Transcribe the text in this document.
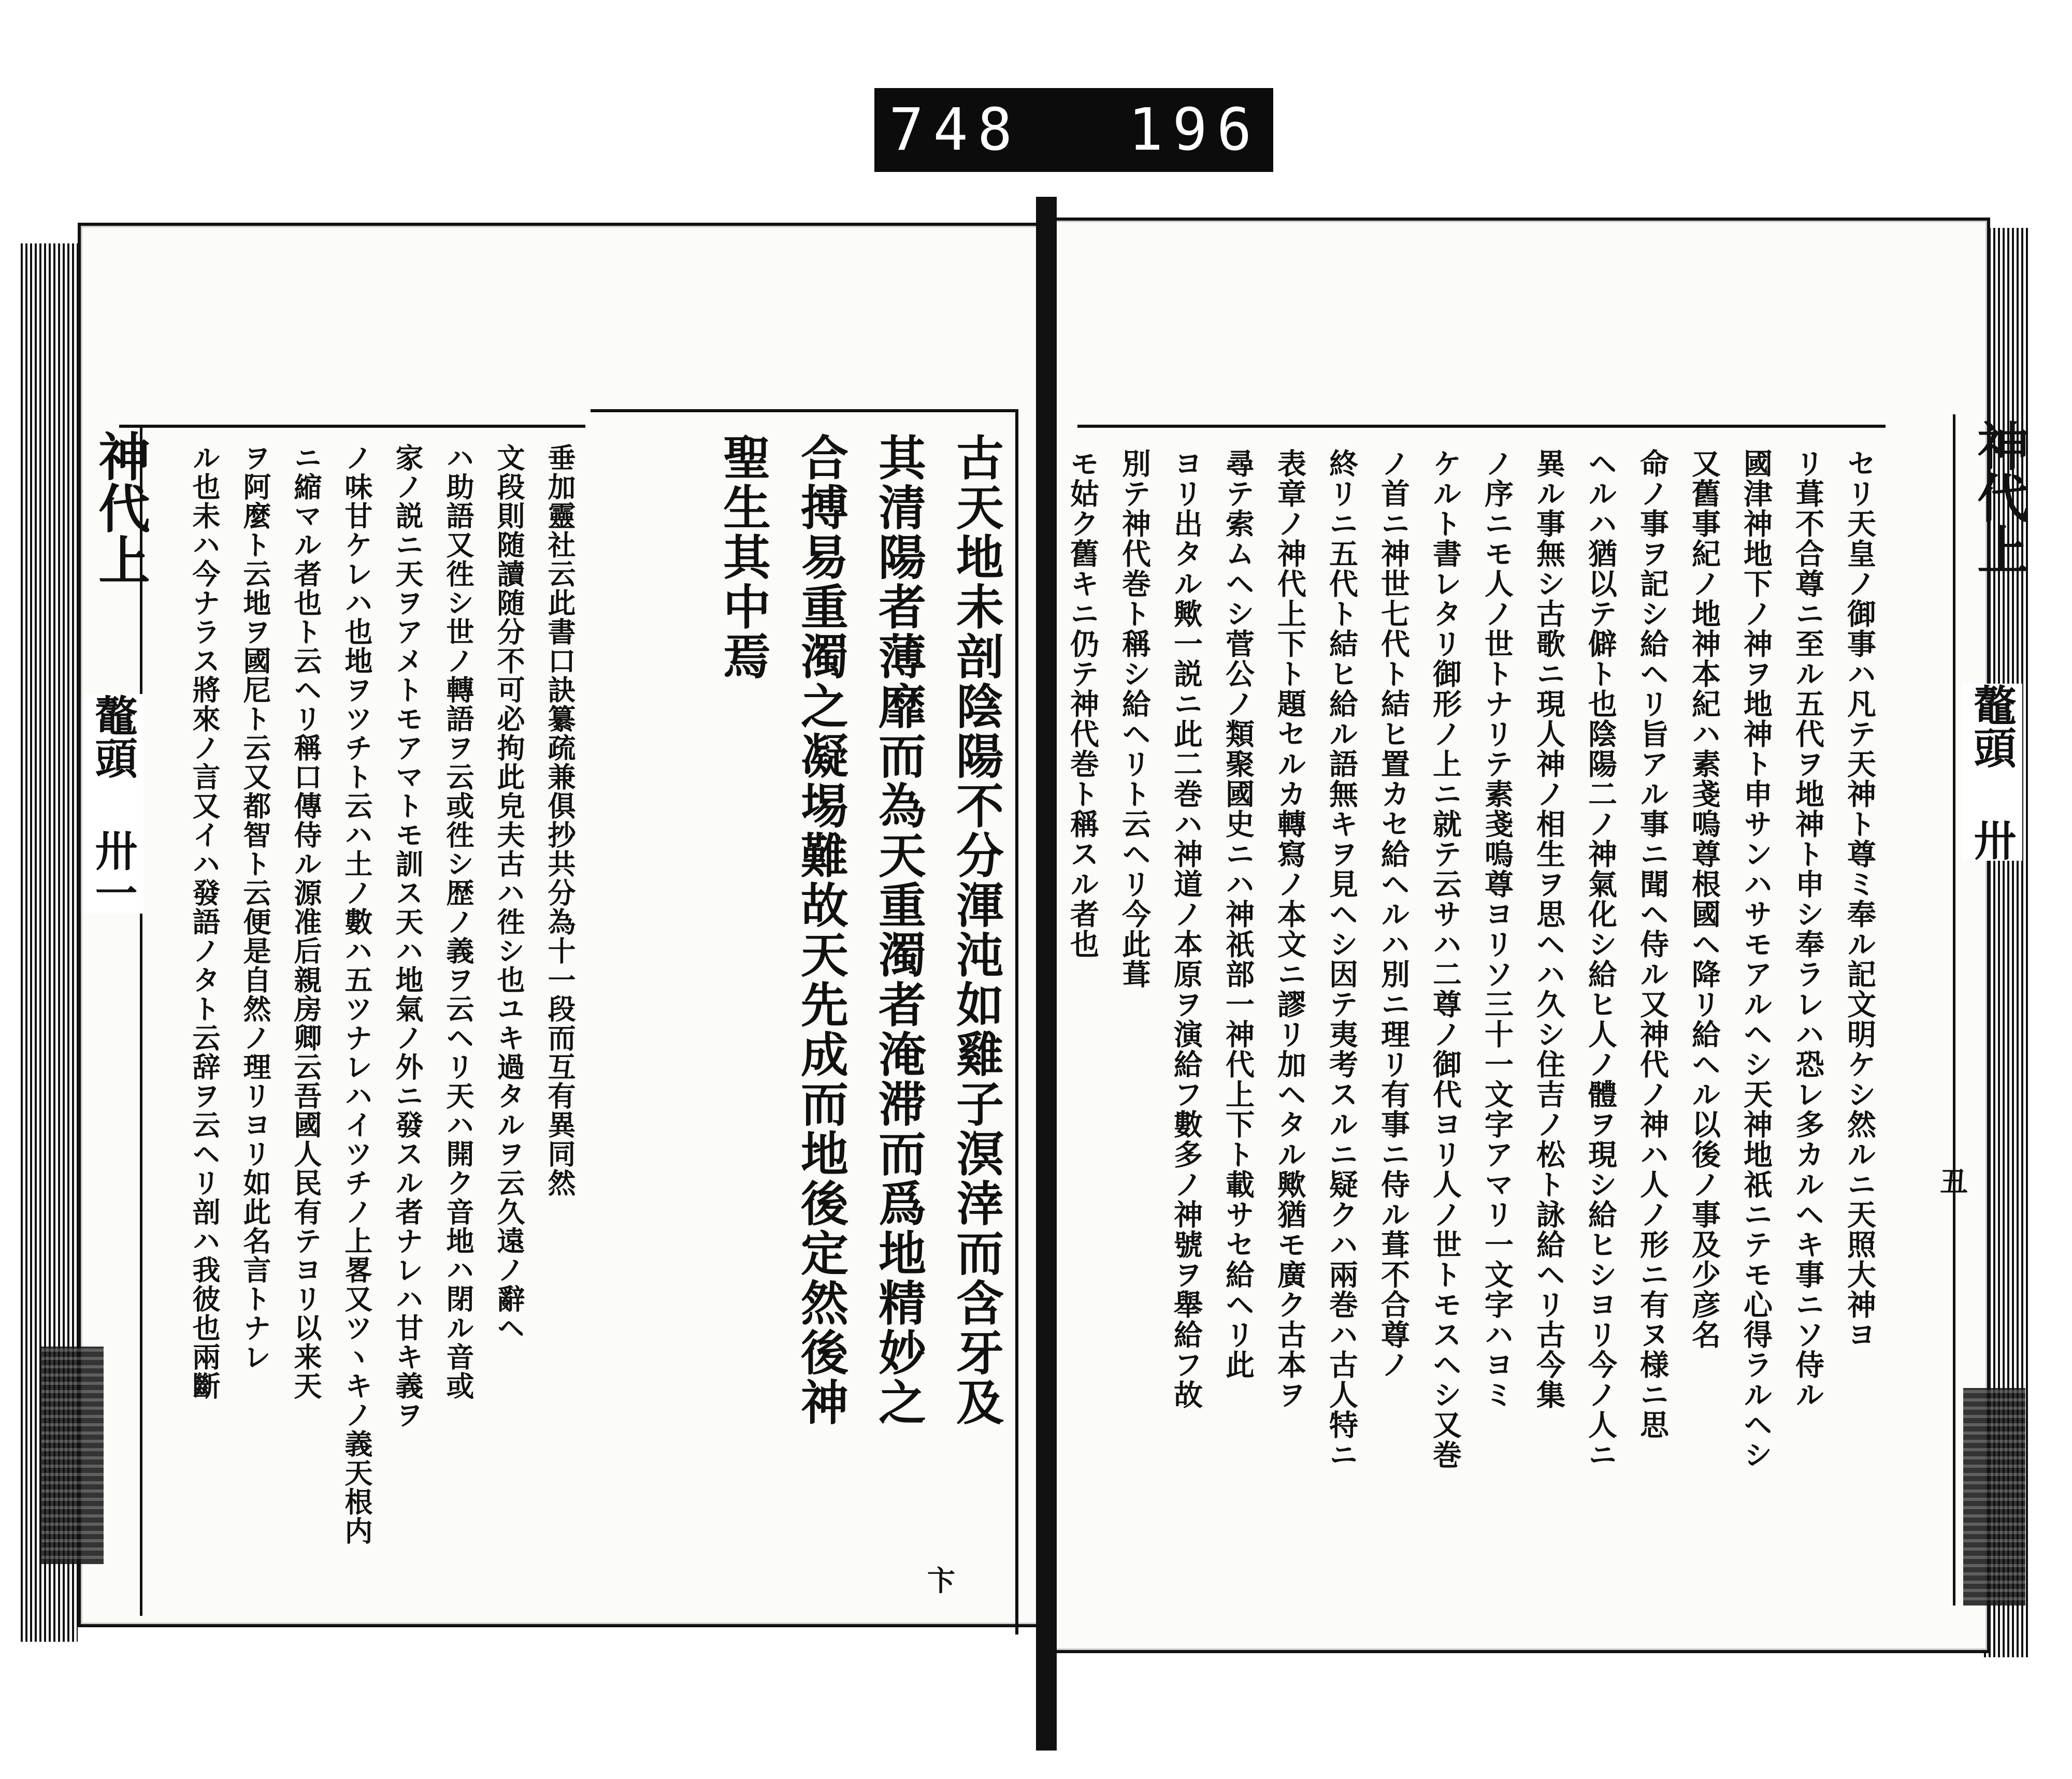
748 196.
神代上
鼇頭 卅一	古天地未剖陰陽不分渾沌如雞子溟涬而含牙及

其清陽者薄靡而為天重濁者淹滞而爲地精妙之

合搏易重濁之凝埸難故天先成而地後定然後神

聖生其中焉

垂加靈社云此書口訣纂疏兼俱抄共分為十一段而互有異同然

文段則随讀随分不可必拘此皃夫古ハ徃シ也ユキ過タルヲ云久遠ノ辭ヘ

ハ助語又徃シ世ノ轉語ヲ云或徃シ歴ノ義ヲ云ヘリ天ハ開ク音地ハ閉ル音或

家ノ説ニ天ヲアメトモアマトモ訓ス天ハ地氣ノ外ニ發スル者ナレハ甘キ義ヲ

ノ味甘ケレハ也地ヲツチト云ハ土ノ數ハ五ツナレハイツチノ上畧又ツヽキノ義天根内

ニ縮マル者也ト云ヘリ稱口傳侍ル源准后親房卿云吾國人民有テヨリ以来天

ヲ阿麼ト云地ヲ國尼ト云又都智ト云便是自然ノ理リヨリ如此名言トナレ

ル也未ハ今ナラス將來ノ言又イハ發語ノタト云辞ヲ云ヘリ剖ハ我彼也兩斷	セリ天皇ノ御事ハ凡テ天神ト尊ミ奉ル記文明ケシ然ルニ天照大神ヨ

リ葺不合尊ニ至ル五代ヲ地神ト申シ奉ラレハ恐レ多カルヘキ事ニソ侍ル

國津神地下ノ神ヲ地神ト申サンハサモアルヘシ天神地祇ニテモ心得ラルヘシ

又舊事紀ノ地神本紀ハ素戔嗚尊根國ヘ降リ給ヘル以後ノ事及少彦名

命ノ事ヲ記シ給ヘリ旨アル事ニ聞ヘ侍ル又神代ノ神ハ人ノ形ニ有ヌ様ニ思

ヘルハ猶以テ僻ト也陰陽二ノ神氣化シ給ヒ人ノ體ヲ現シ給ヒシヨリ今ノ人ニ

異ル事無シ古歌ニ現人神ノ相生ヲ思ヘハ久シ住吉ノ松ト詠給ヘリ古今集

ノ序ニモ人ノ世トナリテ素戔嗚尊ヨリソ三十一文字アマリ一文字ハヨミ

ケルト書レタリ御形ノ上ニ就テ云サハ二尊ノ御代ヨリ人ノ世トモスヘシ又巻

ノ首ニ神世七代ト結ヒ置カセ給ヘルハ別ニ理リ有事ニ侍ル葺不合尊ノ

終リニ五代ト結ヒ給ル語無キヲ見ヘシ因テ夷考スルニ疑クハ兩巻ハ古人特ニ

表章ノ神代上下ト題セルカ轉寫ノ本文ニ謬リ加ヘタル歟猶モ廣ク古本ヲ

尋テ索ムヘシ菅公ノ類聚國史ニハ神祇部一神代上下ト載サセ給ヘリ此

ヨリ出タル歟一説ニ此二巻ハ神道ノ本原ヲ演給フ數多ノ神號ヲ舉給フ故

別テ神代巻ト稱シ給ヘリト云ヘリ今此葺

モ姑ク舊キニ仍テ神代巻ト稱スル者也	神代上
鼇頭 卅
卞
丑
